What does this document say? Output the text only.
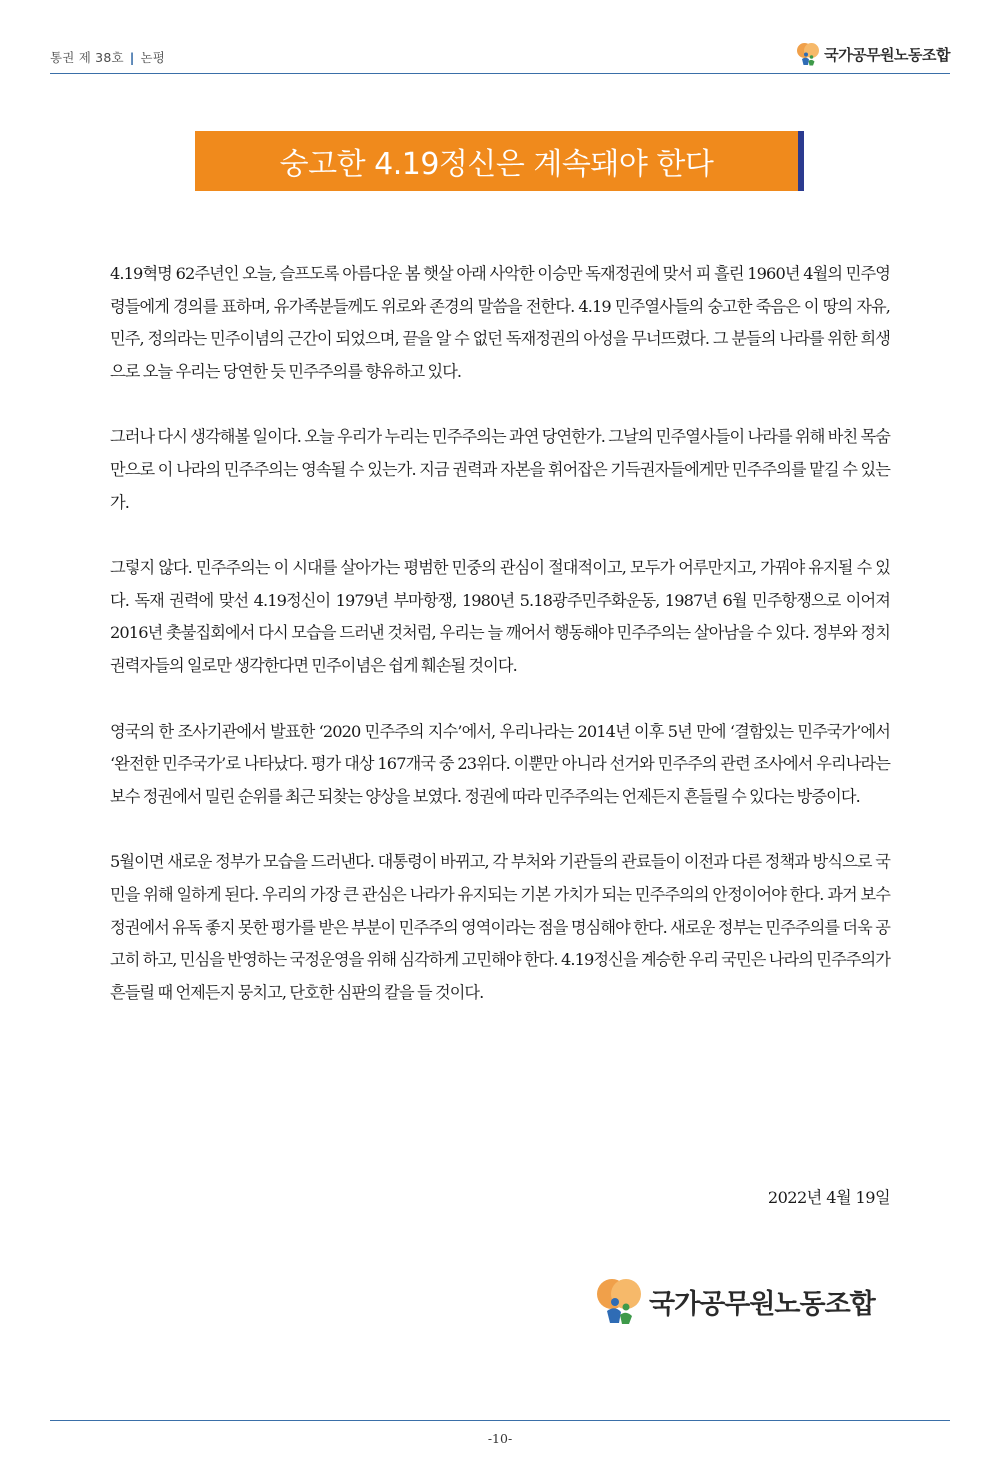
통권 제 38호 | 논평	국가공무원노동조합
숭고한 4.19정신은 계속돼야 한다

4.19혁명 62주년인 오늘, 슬프도록 아름다운 봄 햇살 아래 사악한 이승만 독재정권에 맞서 피 흘린 1960년 4월의 민주영령들에게 경의를 표하며, 유가족분들께도 위로와 존경의 말씀을 전한다. 4.19 민주열사들의 숭고한 죽음은 이 땅의 자유, 민주, 정의라는 민주이념의 근간이 되었으며, 끝을 알 수 없던 독재정권의 아성을 무너뜨렸다. 그 분들의 나라를 위한 희생으로 오늘 우리는 당연한 듯 민주주의를 향유하고 있다.

그러나 다시 생각해볼 일이다. 오늘 우리가 누리는 민주주의는 과연 당연한가. 그날의 민주열사들이 나라를 위해 바친 목숨만으로 이 나라의 민주주의는 영속될 수 있는가. 지금 권력과 자본을 휘어잡은 기득권자들에게만 민주주의를 맡길 수 있는가.

그렇지 않다. 민주주의는 이 시대를 살아가는 평범한 민중의 관심이 절대적이고, 모두가 어루만지고, 가꿔야 유지될 수 있다. 독재 권력에 맞선 4.19정신이 1979년 부마항쟁, 1980년 5.18광주민주화운동, 1987년 6월 민주항쟁으로 이어져 2016년 촛불집회에서 다시 모습을 드러낸 것처럼, 우리는 늘 깨어서 행동해야 민주주의는 살아남을 수 있다. 정부와 정치 권력자들의 일로만 생각한다면 민주이념은 쉽게 훼손될 것이다.

영국의 한 조사기관에서 발표한 ‘2020 민주주의 지수’에서, 우리나라는 2014년 이후 5년 만에 ‘결함있는 민주국가’에서 ‘완전한 민주국가’로 나타났다. 평가 대상 167개국 중 23위다. 이뿐만 아니라 선거와 민주주의 관련 조사에서 우리나라는 보수 정권에서 밀린 순위를 최근 되찾는 양상을 보였다. 정권에 따라 민주주의는 언제든지 흔들릴 수 있다는 방증이다.

5월이면 새로운 정부가 모습을 드러낸다. 대통령이 바뀌고, 각 부처와 기관들의 관료들이 이전과 다른 정책과 방식으로 국민을 위해 일하게 된다. 우리의 가장 큰 관심은 나라가 유지되는 기본 가치가 되는 민주주의의 안정이어야 한다. 과거 보수 정권에서 유독 좋지 못한 평가를 받은 부분이 민주주의 영역이라는 점을 명심해야 한다. 새로운 정부는 민주주의를 더욱 공고히 하고, 민심을 반영하는 국정운영을 위해 심각하게 고민해야 한다. 4.19정신을 계승한 우리 국민은 나라의 민주주의가 흔들릴 때 언제든지 뭉치고, 단호한 심판의 칼을 들 것이다.

2022년 4월 19일
국가공무원노동조합
-10-
